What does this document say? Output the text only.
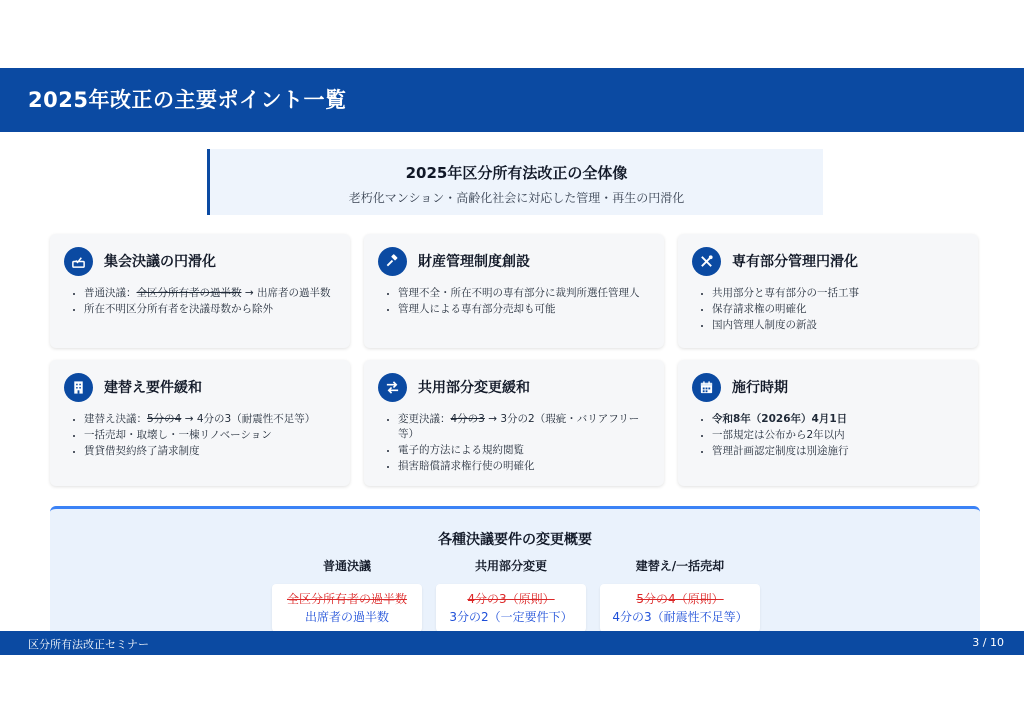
2025年改正の主要ポイント一覧
2025年区分所有法改正の全体像
老朽化マンション・高齢化社会に対応した管理・再生の円滑化
集会決議の円滑化
• 普通決議：全区分所有者の過半数 → 出席者の過半数
• 所在不明区分所有者を決議母数から除外
財産管理制度創設
• 管理不全・所在不明の専有部分に裁判所選任管理人
• 管理人による専有部分売却も可能
専有部分管理円滑化
• 共用部分と専有部分の一括工事
• 保存請求権の明確化
• 国内管理人制度の新設
建替え要件緩和
• 建替え決議：5分の4 → 4分の3（耐震性不足等）
• 一括売却・取壊し・一棟リノベーション
• 賃貸借契約終了請求制度
共用部分変更緩和
• 変更決議：4分の3 → 3分の2（瑕疵・バリアフリー等）
• 電子的方法による規約閲覧
• 損害賠償請求権行使の明確化
施行時期
• 令和8年（2026年）4月1日
• 一部規定は公布から2年以内
• 管理計画認定制度は別途施行
各種決議要件の変更概要
普通決議
全区分所有者の過半数
出席者の過半数
共用部分変更
4分の3（原則）
3分の2（一定要件下）
建替え/一括売却
5分の4（原則）
4分の3（耐震性不足等）
区分所有法改正セミナー	3 / 10
